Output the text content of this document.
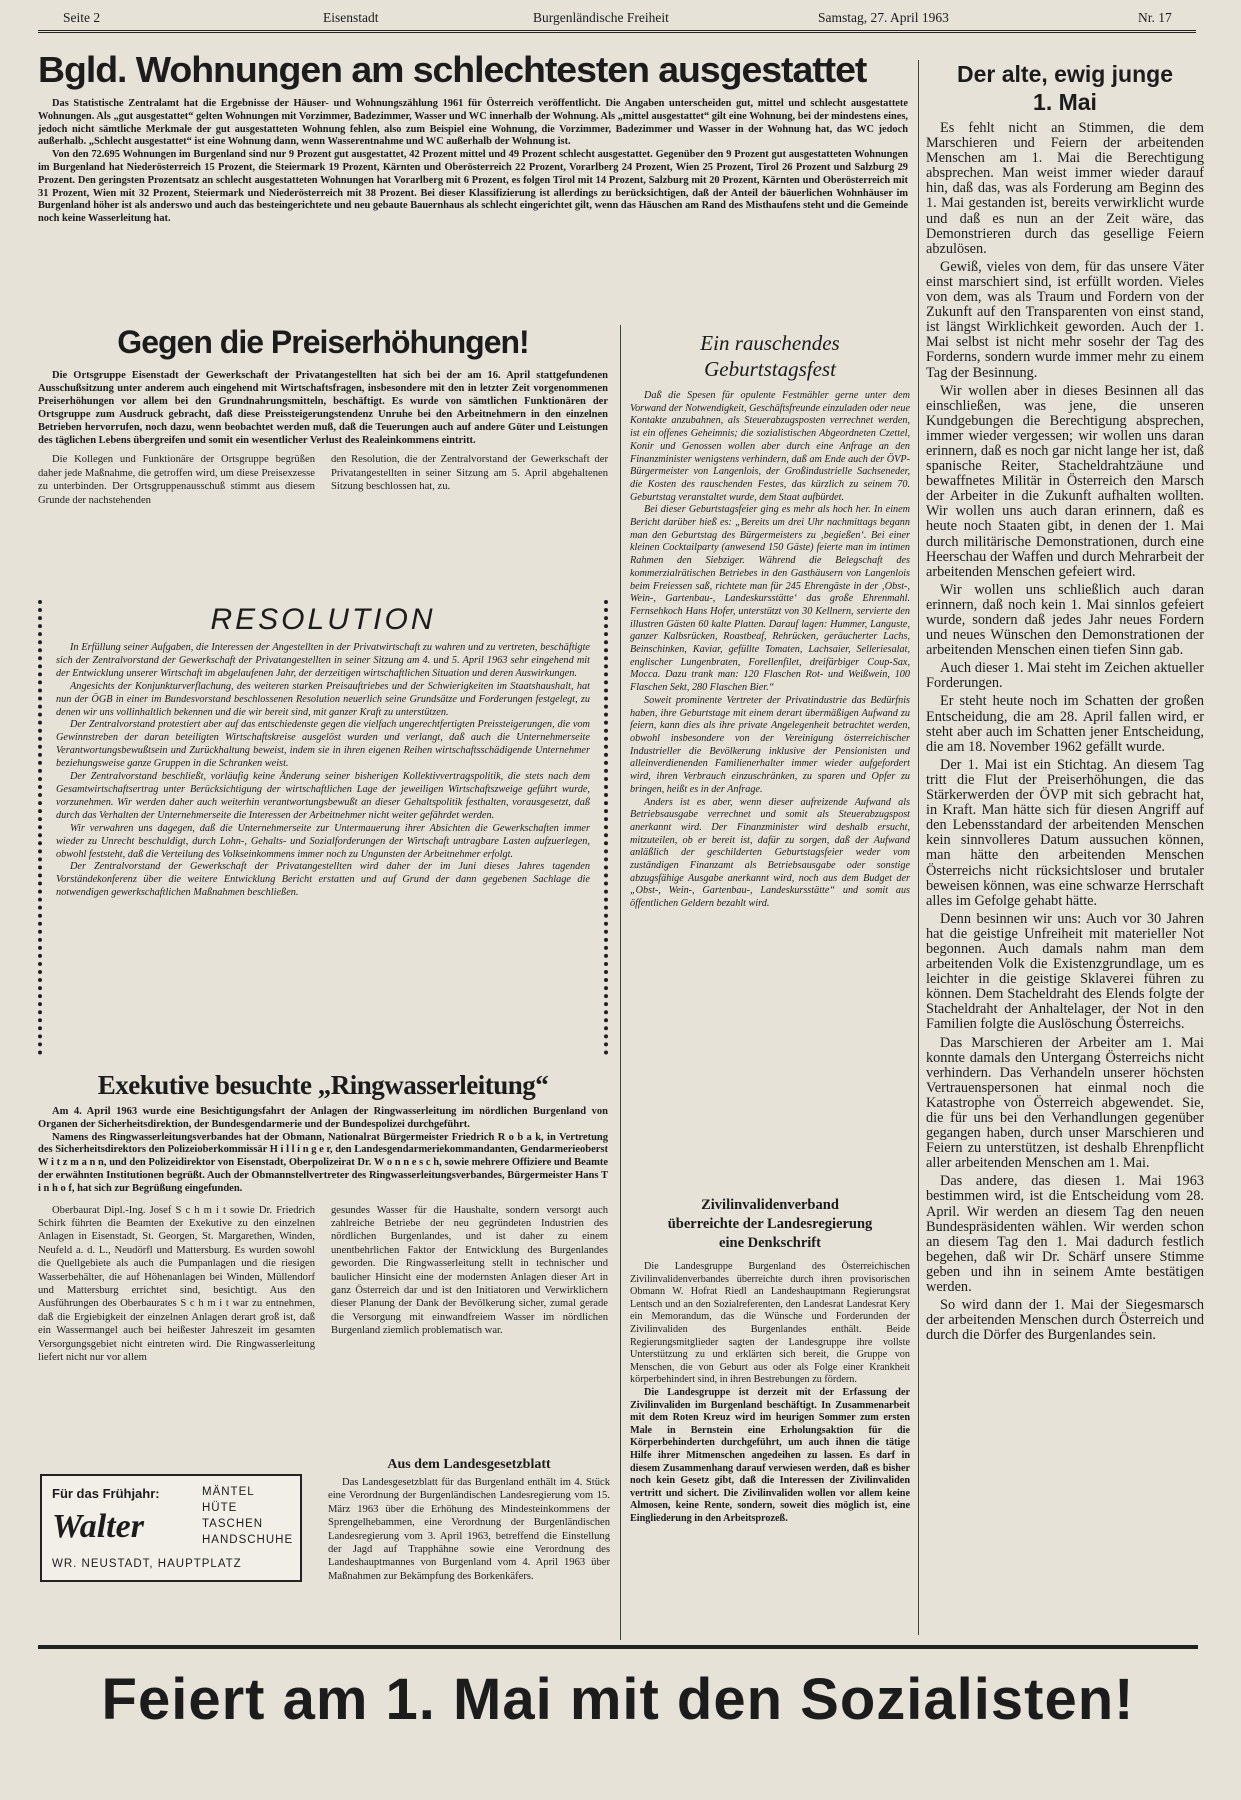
Seite 2	Eisenstadt	Burgenländische Freiheit	Samstag, 27. April 1963	Nr. 17
Bgld. Wohnungen am schlechtesten ausgestattet

Das Statistische Zentralamt hat die Ergebnisse der Häuser- und Wohnungszählung 1961 für Österreich veröffentlicht. Die Angaben unterscheiden gut, mittel und schlecht ausgestattete Wohnungen. Als „gut ausgestattet“ gelten Wohnungen mit Vorzimmer, Badezimmer, Wasser und WC innerhalb der Wohnung. Als „mittel ausgestattet“ gilt eine Wohnung, bei der mindestens eines, jedoch nicht sämtliche Merkmale der gut ausgestatteten Wohnung fehlen, also zum Beispiel eine Wohnung, die Vorzimmer, Badezimmer und Wasser in der Wohnung hat, das WC jedoch außerhalb. „Schlecht ausgestattet“ ist eine Wohnung dann, wenn Wasserentnahme und WC außerhalb der Wohnung ist.

Von den 72.695 Wohnungen im Burgenland sind nur 9 Prozent gut ausgestattet, 42 Prozent mittel und 49 Prozent schlecht ausgestattet. Gegenüber den 9 Prozent gut ausgestatteten Wohnungen im Burgenland hat Niederösterreich 15 Prozent, die Steiermark 19 Prozent, Kärnten und Oberösterreich 22 Prozent, Vorarlberg 24 Prozent, Wien 25 Prozent, Tirol 26 Prozent und Salzburg 29 Prozent. Den geringsten Prozentsatz an schlecht ausgestatteten Wohnungen hat Vorarlberg mit 6 Prozent, es folgen Tirol mit 14 Prozent, Salzburg mit 20 Prozent, Kärnten und Oberösterreich mit 31 Prozent, Wien mit 32 Prozent, Steiermark und Niederösterreich mit 38 Prozent. Bei dieser Klassifizierung ist allerdings zu berücksichtigen, daß der Anteil der bäuerlichen Wohnhäuser im Burgenland höher ist als anderswo und auch das besteingerichtete und neu gebaute Bauernhaus als schlecht eingerichtet gilt, wenn das Häuschen am Rand des Misthaufens steht und die Gemeinde noch keine Wasserleitung hat.

Gegen die Preiserhöhungen!

Die Ortsgruppe Eisenstadt der Gewerkschaft der Privatangestellten hat sich bei der am 16. April stattgefundenen Ausschußsitzung unter anderem auch eingehend mit Wirtschaftsfragen, insbesondere mit den in letzter Zeit vorgenommenen Preiserhöhungen vor allem bei den Grundnahrungsmitteln, beschäftigt. Es wurde von sämtlichen Funktionären der Ortsgruppe zum Ausdruck gebracht, daß diese Preissteigerungstendenz Unruhe bei den Arbeitnehmern in den einzelnen Betrieben hervorrufen, noch dazu, wenn beobachtet werden muß, daß die Teuerungen auch auf andere Güter und Leistungen des täglichen Lebens übergreifen und somit ein wesentlicher Verlust des Realeinkommens eintritt.

Die Kollegen und Funktionäre der Ortsgruppe begrüßen daher jede Maßnahme, die getroffen wird, um diese Preisexzesse zu unterbinden. Der Ortsgruppenausschuß stimmt aus diesem Grunde der nachstehenden

den Resolution, die der Zentralvorstand der Gewerkschaft der Privatangestellten in seiner Sitzung am 5. April abgehaltenen Sitzung beschlossen hat, zu.

RESOLUTION

In Erfüllung seiner Aufgaben, die Interessen der Angestellten in der Privatwirtschaft zu wahren und zu vertreten, beschäftigte sich der Zentralvorstand der Gewerkschaft der Privatangestellten in seiner Sitzung am 4. und 5. April 1963 sehr eingehend mit der Entwicklung unserer Wirtschaft im abgelaufenen Jahr, der derzeitigen wirtschaftlichen Situation und deren Auswirkungen.

Angesichts der Konjunkturverflachung, des weiteren starken Preisauftriebes und der Schwierigkeiten im Staatshaushalt, hat nun der ÖGB in einer im Bundesvorstand beschlossenen Resolution neuerlich seine Grundsätze und Forderungen festgelegt, zu denen wir uns vollinhaltlich bekennen und die wir bereit sind, mit ganzer Kraft zu unterstützen.

Der Zentralvorstand protestiert aber auf das entschiedenste gegen die vielfach ungerechtfertigten Preissteigerungen, die vom Gewinnstreben der daran beteiligten Wirtschaftskreise ausgelöst wurden und verlangt, daß auch die Unternehmerseite Verantwortungsbewußtsein und Zurückhaltung beweist, indem sie in ihren eigenen Reihen wirtschaftsschädigende Unternehmer beziehungsweise ganze Gruppen in die Schranken weist.

Der Zentralvorstand beschließt, vorläufig keine Änderung seiner bisherigen Kollektivvertragspolitik, die stets nach dem Gesamtwirtschaftsertrag unter Berücksichtigung der wirtschaftlichen Lage der jeweiligen Wirtschaftszweige geführt wurde, vorzunehmen. Wir werden daher auch weiterhin verantwortungsbewußt an dieser Gehaltspolitik festhalten, vorausgesetzt, daß durch das Verhalten der Unternehmerseite die Interessen der Arbeitnehmer nicht weiter gefährdet werden.

Wir verwahren uns dagegen, daß die Unternehmerseite zur Untermauerung ihrer Absichten die Gewerkschaften immer wieder zu Unrecht beschuldigt, durch Lohn-, Gehalts- und Sozialforderungen der Wirtschaft untragbare Lasten aufzuerlegen, obwohl feststeht, daß die Verteilung des Volkseinkommens immer noch zu Ungunsten der Arbeitnehmer erfolgt.

Der Zentralvorstand der Gewerkschaft der Privatangestellten wird daher der im Juni dieses Jahres tagenden Vorständekonferenz über die weitere Entwicklung Bericht erstatten und auf Grund der dann gegebenen Sachlage die notwendigen gewerkschaftlichen Maßnahmen beschließen.

Exekutive besuchte „Ringwasserleitung“

Am 4. April 1963 wurde eine Besichtigungsfahrt der Anlagen der Ringwasserleitung im nördlichen Burgenland von Organen der Sicherheitsdirektion, der Bundesgendarmerie und der Bundespolizei durchgeführt.

Namens des Ringwasserleitungsverbandes hat der Obmann, Nationalrat Bürgermeister Friedrich R o b a k, in Vertretung des Sicherheitsdirektors den Polizeioberkommissär H i l l i n g e r, den Landesgendarmeriekommandanten, Gendarmerieoberst W i t z m a n n, und den Polizeidirektor von Eisenstadt, Oberpolizeirat Dr. W o n n e s c h, sowie mehrere Offiziere und Beamte der erwähnten Institutionen begrüßt. Auch der Obmannstellvertreter des Ringwasserleitungsverbandes, Bürgermeister Hans T i n h o f, hat sich zur Begrüßung eingefunden.

Oberbaurat Dipl.-Ing. Josef S c h m i t sowie Dr. Friedrich Schirk führten die Beamten der Exekutive zu den einzelnen Anlagen in Eisenstadt, St. Georgen, St. Margarethen, Winden, Neufeld a. d. L., Neudörfl und Mattersburg. Es wurden sowohl die Quellgebiete als auch die Pumpanlagen und die riesigen Wasserbehälter, die auf Höhenanlagen bei Winden, Müllendorf und Mattersburg errichtet sind, besichtigt. Aus den Ausführungen des Oberbaurates S c h m i t war zu entnehmen, daß die Ergiebigkeit der einzelnen Anlagen derart groß ist, daß ein Wassermangel auch bei heißester Jahreszeit im gesamten Versorgungsgebiet nicht eintreten wird. Die Ringwasserleitung liefert nicht nur vor allem

gesundes Wasser für die Haushalte, sondern versorgt auch zahlreiche Betriebe der neu gegründeten Industrien des nördlichen Burgenlandes, und ist daher zu einem unentbehrlichen Faktor der Entwicklung des Burgenlandes geworden. Die Ringwasserleitung stellt in technischer und baulicher Hinsicht eine der modernsten Anlagen dieser Art in ganz Österreich dar und ist den Initiatoren und Verwirklichern dieser Planung der Dank der Bevölkerung sicher, zumal gerade die Versorgung mit einwandfreiem Wasser im nördlichen Burgenland ziemlich problematisch war.

Für das Frühjahr:
Walter
MÄNTEL
HÜTE
TASCHEN
HANDSCHUHE
WR. NEUSTADT, HAUPTPLATZ
Aus dem Landesgesetzblatt

Das Landesgesetzblatt für das Burgenland enthält im 4. Stück eine Verordnung der Burgenländischen Landesregierung vom 15. März 1963 über die Erhöhung des Mindesteinkommens der Sprengelhebammen, eine Verordnung der Burgenländischen Landesregierung vom 3. April 1963, betreffend die Einstellung der Jagd auf Trapphähne sowie eine Verordnung des Landeshauptmannes von Burgenland vom 4. April 1963 über Maßnahmen zur Bekämpfung des Borkenkäfers.

Ein rauschendes
Geburtstagsfest

Daß die Spesen für opulente Festmähler gerne unter dem Vorwand der Notwendigkeit, Geschäftsfreunde einzuladen oder neue Kontakte anzubahnen, als Steuerabzugsposten verrechnet werden, ist ein offenes Geheimnis; die sozialistischen Abgeordneten Czettel, Konir und Genossen wollen aber durch eine Anfrage an den Finanzminister wenigstens verhindern, daß am Ende auch der ÖVP-Bürgermeister von Langenlois, der Großindustrielle Sachseneder, die Kosten des rauschenden Festes, das kürzlich zu seinem 70. Geburtstag veranstaltet wurde, dem Staat aufbürdet.

Bei dieser Geburtstagsfeier ging es mehr als hoch her. In einem Bericht darüber hieß es: „Bereits um drei Uhr nachmittags begann man den Geburtstag des Bürgermeisters zu ‚begießen‘. Bei einer kleinen Cocktailparty (anwesend 150 Gäste) feierte man im intimen Rahmen den Siebziger. Während die Belegschaft des kommerzialrätischen Betriebes in den Gasthäusern von Langenlois beim Freiessen saß, richtete man für 245 Ehrengäste in der ‚Obst-, Wein-, Gartenbau-, Landeskursstätte‘ das große Ehrenmahl. Fernsehkoch Hans Hofer, unterstützt von 30 Kellnern, servierte den illustren Gästen 60 kalte Platten. Darauf lagen: Hummer, Languste, ganzer Kalbsrücken, Roastbeaf, Rehrücken, geräucherter Lachs, Beinschinken, Kaviar, gefüllte Tomaten, Lachsaier, Selleriesalat, englischer Lungenbraten, Forellenfilet, dreifärbiger Coup-Sax, Mocca. Dazu trank man: 120 Flaschen Rot- und Weißwein, 100 Flaschen Sekt, 280 Flaschen Bier.“

Soweit prominente Vertreter der Privatindustrie das Bedürfnis haben, ihre Geburtstage mit einem derart übermäßigen Aufwand zu feiern, kann dies als ihre private Angelegenheit betrachtet werden, obwohl insbesondere von der Vereinigung österreichischer Industrieller die Bevölkerung inklusive der Pensionisten und alleinverdienenden Familienerhalter immer wieder aufgefordert wird, ihren Verbrauch einzuschränken, zu sparen und Opfer zu bringen, heißt es in der Anfrage.

Anders ist es aber, wenn dieser aufreizende Aufwand als Betriebsausgabe verrechnet und somit als Steuerabzugspost anerkannt wird. Der Finanzminister wird deshalb ersucht, mitzuteilen, ob er bereit ist, dafür zu sorgen, daß der Aufwand anläßlich der geschilderten Geburtstagsfeier weder vom zuständigen Finanzamt als Betriebsausgabe oder sonstige abzugsfähige Ausgabe anerkannt wird, noch aus dem Budget der „Obst-, Wein-, Gartenbau-, Landeskursstätte“ und somit aus öffentlichen Geldern bezahlt wird.

Zivilinvalidenverband
überreichte der Landesregierung
eine Denkschrift

Die Landesgruppe Burgenland des Österreichischen Zivilinvalidenverbandes überreichte durch ihren provisorischen Obmann W. Hofrat Riedl an Landeshauptmann Regierungsrat Lentsch und an den Sozialreferenten, den Landesrat Landesrat Kery ein Memorandum, das die Wünsche und Forderunden der Zivilinvaliden des Burgenlandes enthält. Beide Regierungsmitglieder sagten der Landesgruppe ihre vollste Unterstützung zu und erklärten sich bereit, die Gruppe von Menschen, die von Geburt aus oder als Folge einer Krankheit körperbehindert sind, in ihren Bestrebungen zu fördern.

Die Landesgruppe ist derzeit mit der Erfassung der Zivilinvaliden im Burgenland beschäftigt. In Zusammenarbeit mit dem Roten Kreuz wird im heurigen Sommer zum ersten Male in Bernstein eine Erholungsaktion für die Körperbehinderten durchgeführt, um auch ihnen die tätige Hilfe ihrer Mitmenschen angedeihen zu lassen. Es darf in diesem Zusammenhang darauf verwiesen werden, daß es bisher noch kein Gesetz gibt, daß die Interessen der Zivilinvaliden vertritt und sichert. Die Zivilinvaliden wollen vor allem keine Almosen, keine Rente, sondern, soweit dies möglich ist, eine Eingliederung in den Arbeitsprozeß.

Der alte, ewig junge
1. Mai

Es fehlt nicht an Stimmen, die dem Marschieren und Feiern der arbeitenden Menschen am 1. Mai die Berechtigung absprechen. Man weist immer wieder darauf hin, daß das, was als Forderung am Beginn des 1. Mai gestanden ist, bereits verwirklicht wurde und daß es nun an der Zeit wäre, das Demonstrieren durch das gesellige Feiern abzulösen.

Gewiß, vieles von dem, für das unsere Väter einst marschiert sind, ist erfüllt worden. Vieles von dem, was als Traum und Fordern von der Zukunft auf den Transparenten von einst stand, ist längst Wirklichkeit geworden. Auch der 1. Mai selbst ist nicht mehr sosehr der Tag des Forderns, sondern wurde immer mehr zu einem Tag der Besinnung.

Wir wollen aber in dieses Besinnen all das einschließen, was jene, die unseren Kundgebungen die Berechtigung absprechen, immer wieder vergessen; wir wollen uns daran erinnern, daß es noch gar nicht lange her ist, daß spanische Reiter, Stacheldrahtzäune und bewaffnetes Militär in Österreich den Marsch der Arbeiter in die Zukunft aufhalten wollten. Wir wollen uns auch daran erinnern, daß es heute noch Staaten gibt, in denen der 1. Mai durch militärische Demonstrationen, durch eine Heerschau der Waffen und durch Mehrarbeit der arbeitenden Menschen gefeiert wird.

Wir wollen uns schließlich auch daran erinnern, daß noch kein 1. Mai sinnlos gefeiert wurde, sondern daß jedes Jahr neues Fordern und neues Wünschen den Demonstrationen der arbeitenden Menschen einen tiefen Sinn gab.

Auch dieser 1. Mai steht im Zeichen aktueller Forderungen.

Er steht heute noch im Schatten der großen Entscheidung, die am 28. April fallen wird, er steht aber auch im Schatten jener Entscheidung, die am 18. November 1962 gefällt wurde.

Der 1. Mai ist ein Stichtag. An diesem Tag tritt die Flut der Preiserhöhungen, die das Stärkerwerden der ÖVP mit sich gebracht hat, in Kraft. Man hätte sich für diesen Angriff auf den Lebensstandard der arbeitenden Menschen kein sinnvolleres Datum aussuchen können, man hätte den arbeitenden Menschen Österreichs nicht rücksichtsloser und brutaler beweisen können, was eine schwarze Herrschaft alles im Gefolge gehabt hätte.

Denn besinnen wir uns: Auch vor 30 Jahren hat die geistige Unfreiheit mit materieller Not begonnen. Auch damals nahm man dem arbeitenden Volk die Existenzgrundlage, um es leichter in die geistige Sklaverei führen zu können. Dem Stacheldraht des Elends folgte der Stacheldraht der Anhaltelager, der Not in den Familien folgte die Auslöschung Österreichs.

Das Marschieren der Arbeiter am 1. Mai konnte damals den Untergang Österreichs nicht verhindern. Das Verhandeln unserer höchsten Vertrauenspersonen hat einmal noch die Katastrophe von Österreich abgewendet. Sie, die für uns bei den Verhandlungen gegenüber gegangen haben, durch unser Marschieren und Feiern zu unterstützen, ist deshalb Ehrenpflicht aller arbeitenden Menschen am 1. Mai.

Das andere, das diesen 1. Mai 1963 bestimmen wird, ist die Entscheidung vom 28. April. Wir werden an diesem Tag den neuen Bundespräsidenten wählen. Wir werden schon an diesem Tag den 1. Mai dadurch festlich begehen, daß wir Dr. Schärf unsere Stimme geben und ihn in seinem Amte bestätigen werden.

So wird dann der 1. Mai der Siegesmarsch der arbeitenden Menschen durch Österreich und durch die Dörfer des Burgenlandes sein.

Feiert am 1. Mai mit den Sozialisten!
